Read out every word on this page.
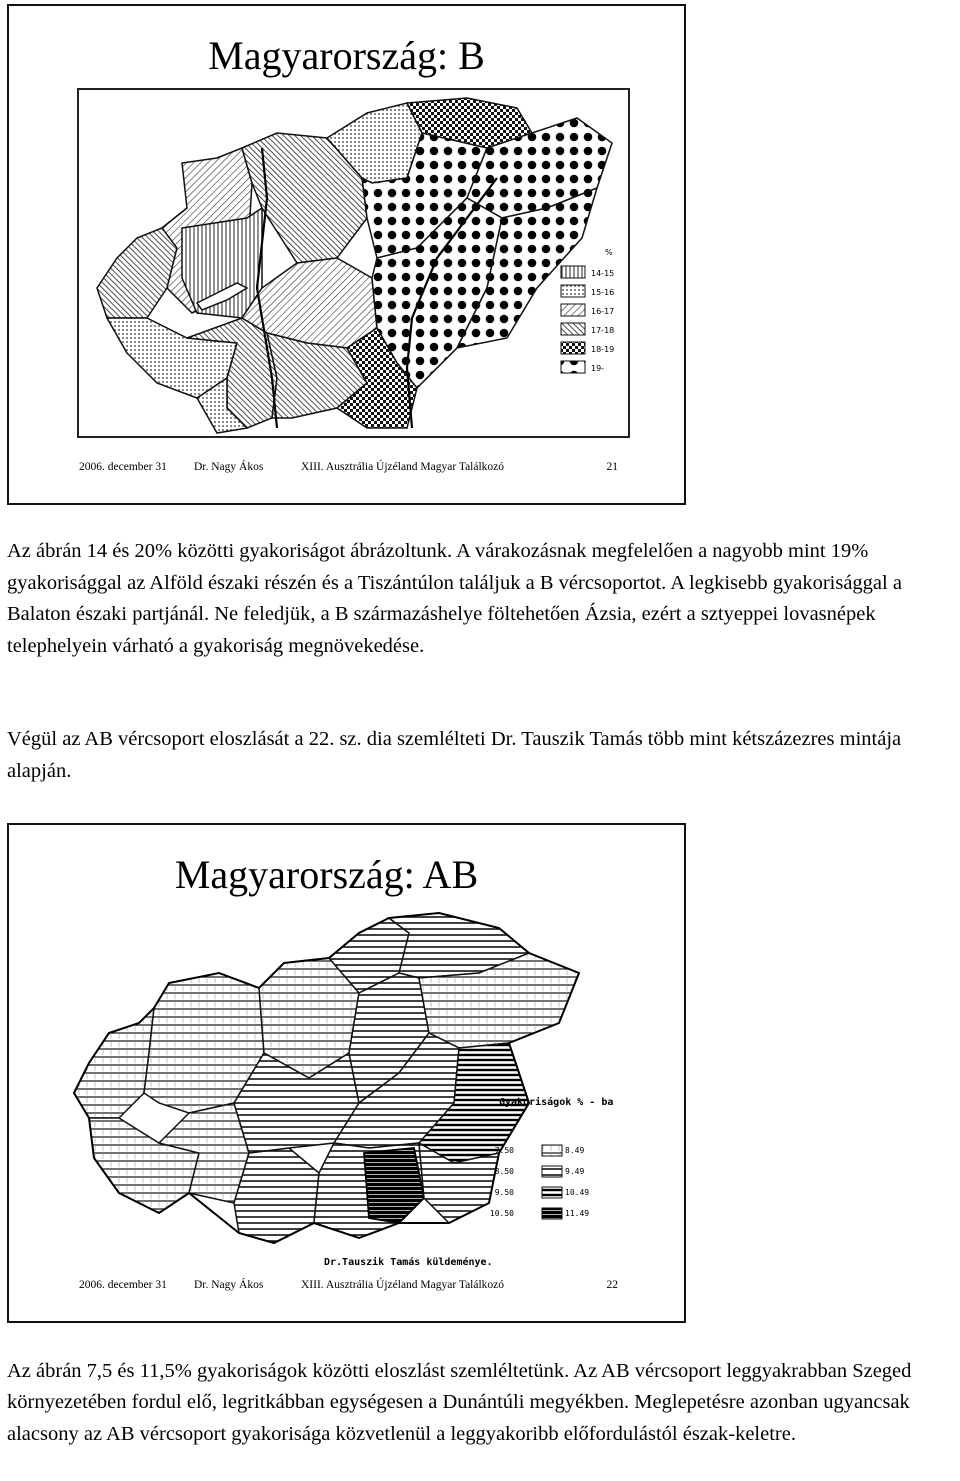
Magyarország: B
%
14-15
15-16
16-17
17-18
18-19
19-
2006. december 31 Dr. Nagy Ákos	XIII. Ausztrália Újzéland Magyar Találkozó	21

Az ábrán 14 és 20% közötti gyakoriságot ábrázoltunk. A várakozásnak megfelelően a nagyobb mint 19% gyakorisággal az Alföld északi részén és a Tiszántúlon találjuk a B vércsoportot. A legkisebb gyakorisággal a Balaton északi partjánál. Ne feledjük, a B származáshelye föltehetően Ázsia, ezért a sztyeppei lovasnépek telephelyein várható a gyakoriság megnövekedése.

Végül az AB vércsoport eloszlását a 22. sz. dia szemlélteti Dr. Tauszik Tamás több mint kétszázezres mintája alapján.

Magyarország: AB
Gyakoriságok % - ba
7.50	8.49
8.50	9.49
9.50	10.49
10.50	11.49
Dr.Tauszik Tamás küldeménye.
2006. december 31 Dr. Nagy Ákos	XIII. Ausztrália Újzéland Magyar Találkozó	22

Az ábrán 7,5 és 11,5% gyakoriságok közötti eloszlást szemléltetünk. Az AB vércsoport leggyakrabban Szeged környezetében fordul elő, legritkábban egységesen a Dunántúli megyékben. Meglepetésre azonban ugyancsak alacsony az AB vércsoport gyakorisága közvetlenül a leggyakoribb előfordulástól észak-keletre.
